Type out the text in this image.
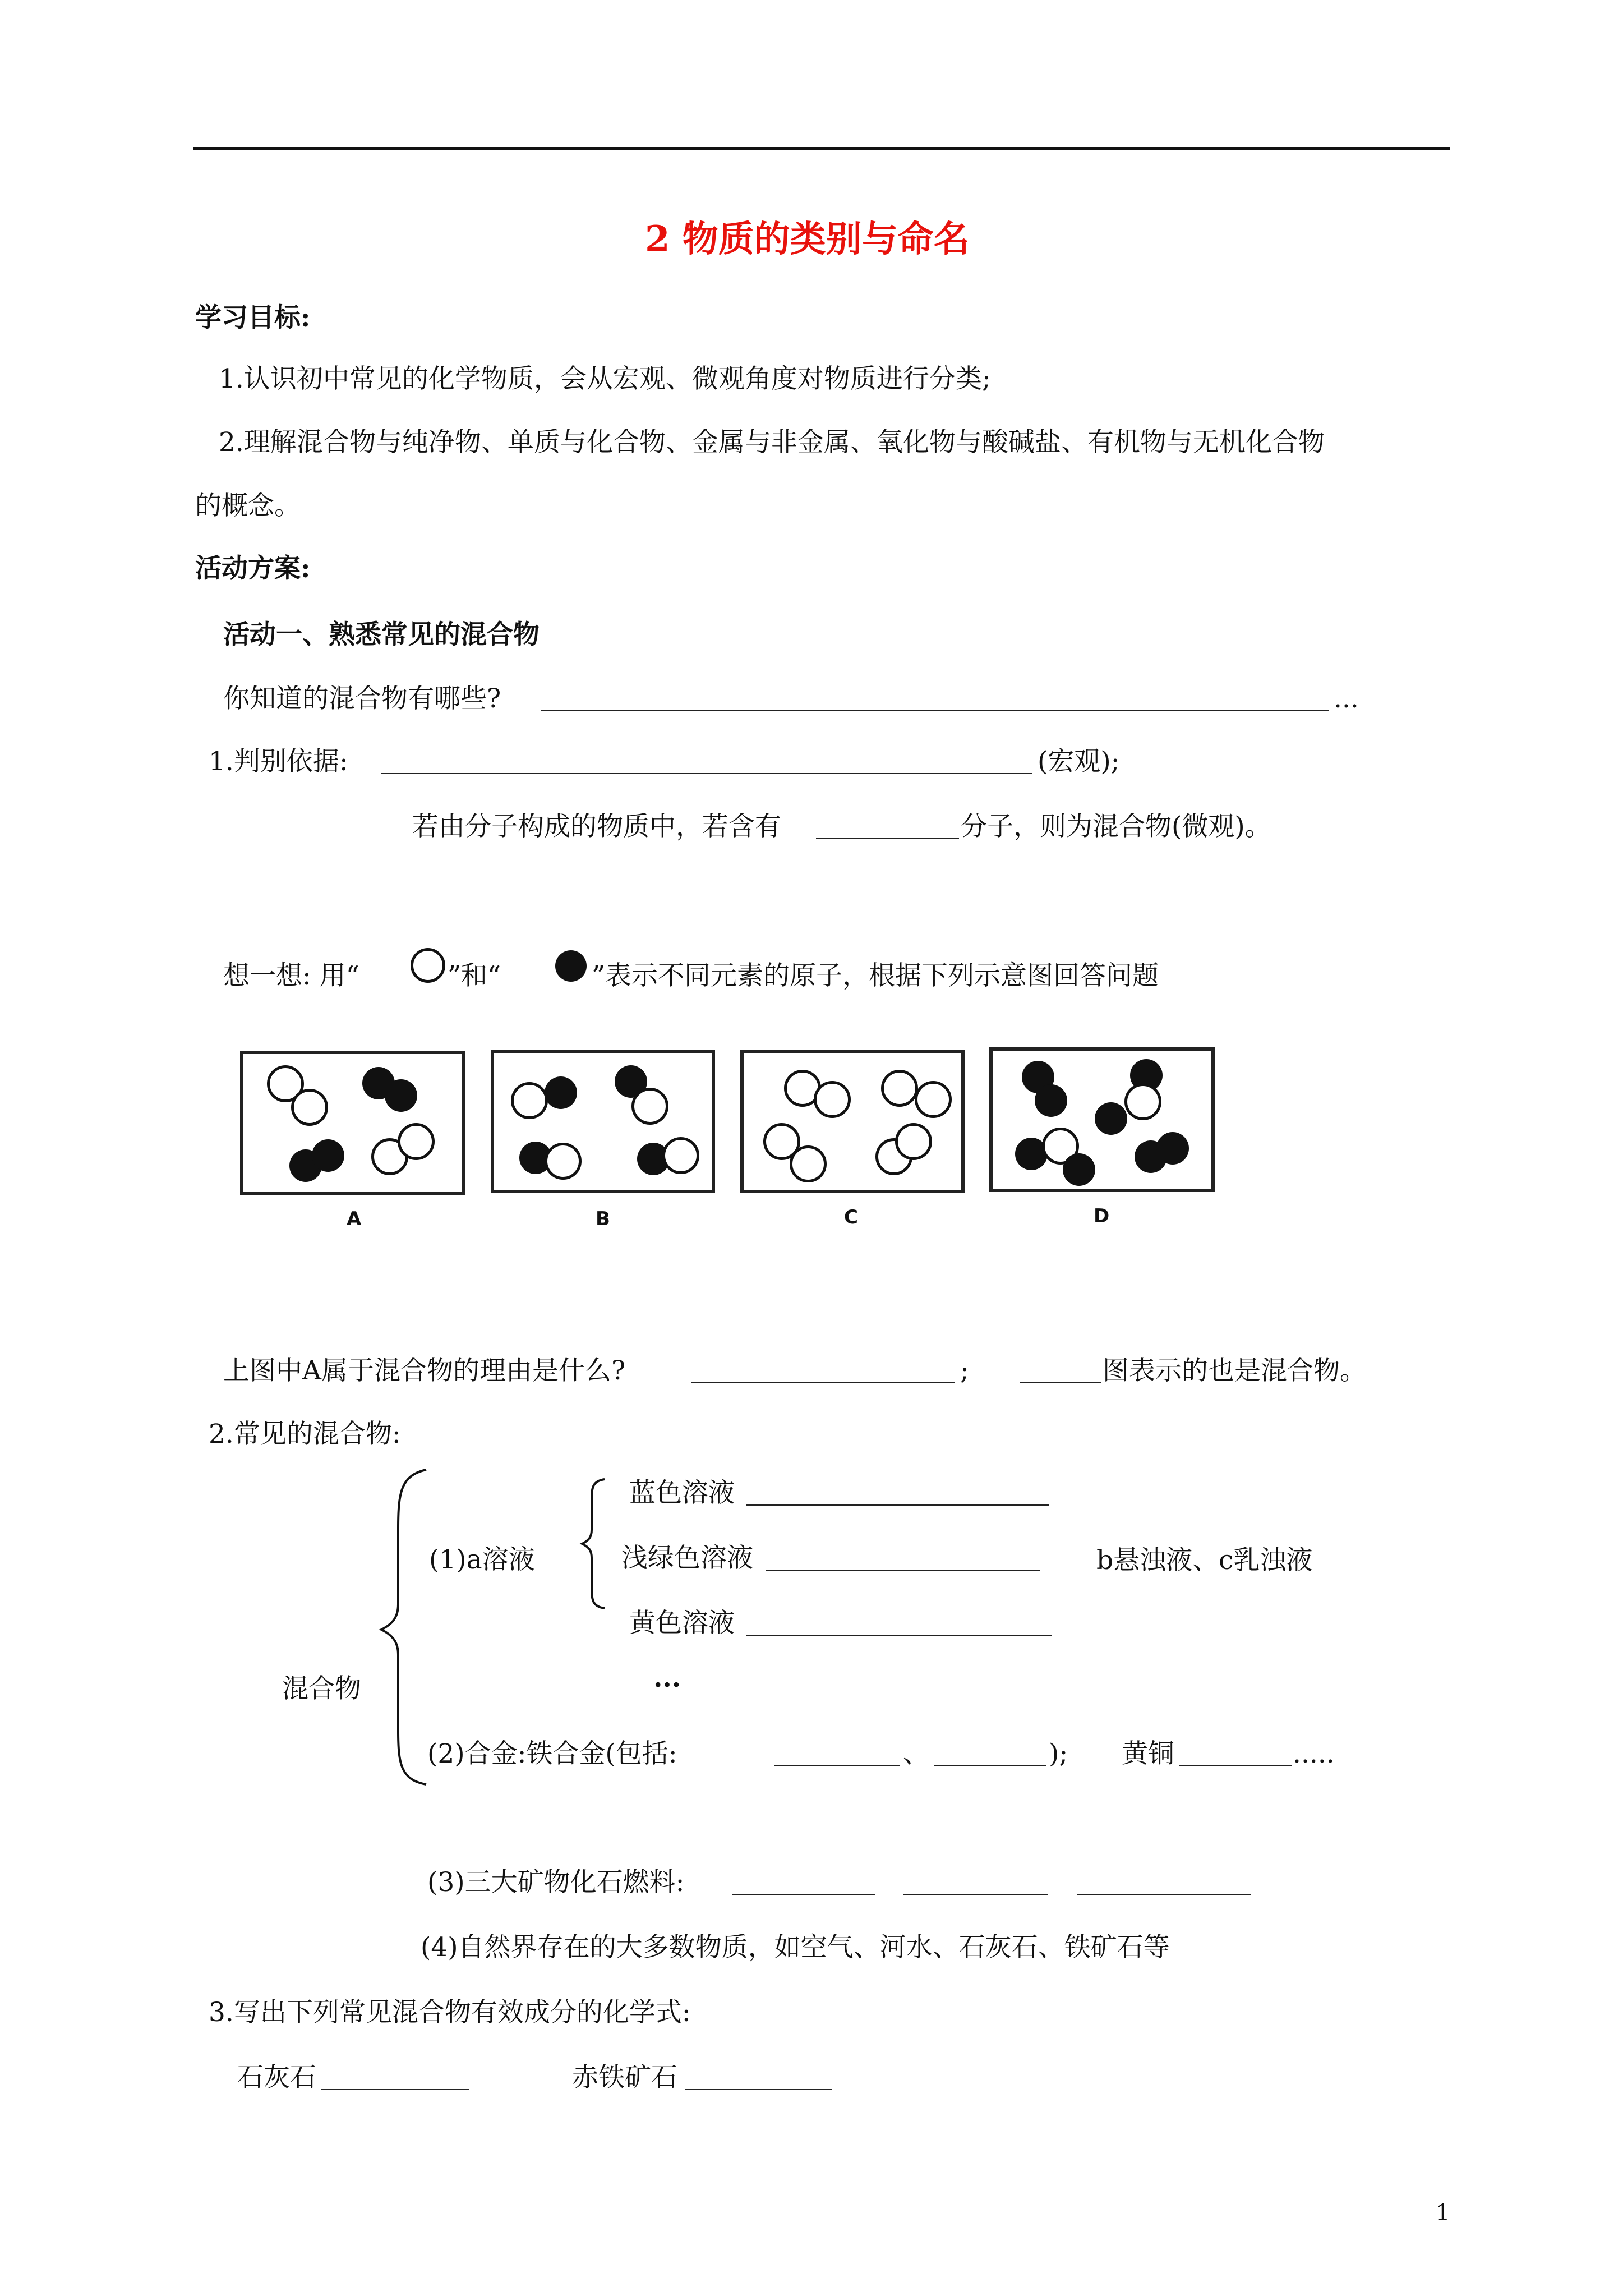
2 物质的类别与命名
学习目标:
1.认识初中常见的化学物质，会从宏观、微观角度对物质进行分类;
2.理解混合物与纯净物、单质与化合物、金属与非金属、氧化物与酸碱盐、有机物与无机化合物
的概念。
活动方案:
活动一、熟悉常见的混合物
你知道的混合物有哪些?	...
1.判别依据:	(宏观);
若由分子构成的物质中，若含有	分子，则为混合物(微观)。
想一想: 用“	”和“	”表示不同元素的原子，根据下列示意图回答问题
A	B	C	D
上图中A属于混合物的理由是什么?	;	图表示的也是混合物。
2.常见的混合物:
混合物
(1)a溶液
蓝色溶液
浅绿色溶液	b悬浊液、c乳浊液
黄色溶液
...
(2)合金:铁合金(包括:	、	); 黄铜	.....
(3)三大矿物化石燃料:
(4)自然界存在的大多数物质，如空气、河水、石灰石、铁矿石等
3.写出下列常见混合物有效成分的化学式:
石灰石	赤铁矿石
1
